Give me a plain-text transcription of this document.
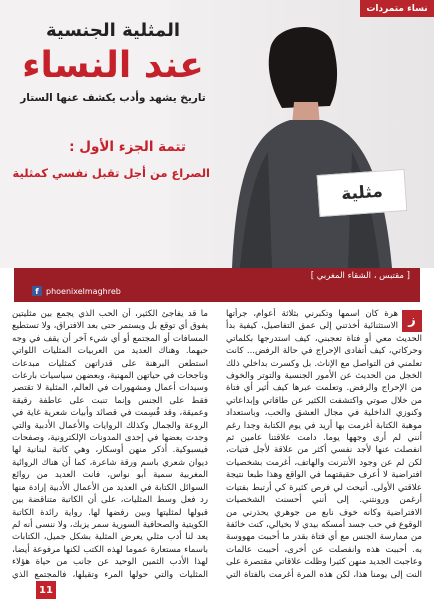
مثلية
نساء متمردات

المثلية الجنسية

عند النساء

تاريخ يشهد وأدب يكشف عنها الستار

تتمة الجزء الأول :

الصراع من أجل تقبل نفسي كمثلية

[ مقتبس ، الشقاء المغربي ]
f phoenixelmaghreb
ز
هرة كان اسمها وتكبرني بثلاثة أعوام، جرأتها الاستثنائية أخذتني إلى عمق التفاصيل، كيفية بدأ الحديث معي أو فتاة تعجبني، كيف استدرجها بكلماتي وحركاتي، كيف أتفادى الإحراج في حالة الرفض... كانت تعلمني فن التواصل مع الإناث. بل وكسرت بداخلي ذلك الخجل من الحديث عن الأمور الجنسية والتوتر والخوف من الإحراج والرفض. وتعلمت عبرها كيف أثير أي فتاة من خلال صوتي واكتشفت الكثير عن طاقاتي وإبداعاتي وكنوزي الداخلية في مجال العشق والحب، وباستعداد موهبة الكتابة أغرمت بها أريد في يوم الكتابة وجدا رغم أنني لم أرى وجهها يوما. دامت علاقتنا عامين ثم انفصلت عنها لأجد نفسي أكثر من علاقة لأجل فتيات، لكن لم عن وجود الأنترنت والهاتف، أغرمت بشخصيات افتراضية لا أعرف حقيقتهما في الواقع وهذا طبعا نتيجة علاقتي الأولى. أتيحت لي فرص كثيرة كي أرتبط بفتيات أرغمن ورونتني. إلى أنني أحسنت الشخصيات الافتراضية وكانه خوف نابع من جوهري يحذرني من الوقوع في حب جسد أمسكه بيدي لا بخيالي، كنت خائفة من ممارسة الجنس مع أي فتاة بقدر ما أحببت مهووسة به. أحببت هذه وانفصلت عن أخرى، أحببت عالمات وعاجبت الجديد منهن كثيرا وظلت علاقاتي مقتصرة على النت إلى يومنا هذا، لكن هذه المرة أغرمت بالفتاة التي
ما قد يفاجئ الكثير، أن الحب الذي يجمع بين مثليتين يفوق أي توقع بل ويستمر حتى بعد الافتراق، ولا تستطيع المسافات أو المجتمع أو أي شيء آخر أن يقف في وجه حبهما. وهناك العديد من العربيات المثليات اللواتي استطعن البرهنة على قدراتهن كمثليات مبدعات وناجحات في حياتهن المهنية، وبعضهن سياسيات بارعات وسيدات أعمال ومشهورات في العالم، المثلية لا تقتصر فقط على الجنس وإنما تنبت على عاطفة رقيقة وعميقة، وقد قُسِمت في قصائد وأبيات شعرية غاية في الروعة والجمال وكذلك الروايات والأعمال الأدبية والتي وجدت بعضها في إحدى المدونات الإلكترونية، وصفحات فيسبوكية. أذكر منهن أوسكار، وهي كاتبة لبنانية لها ديوان شعري باسم ورقة شاعرة، كما أن هناك الروائية المغربية سمية أبو نواس، فانت العديد من روائع السوائل الكتابة في العديد من الأعمال الأدبية إرادة منها رد فعل وسط المثليات، على أن الكاتبة متناقضة بين قبولها لمثليتها وبين رفضها لها. رواية رائدة الكاتبة الكويتية والصحافية السورية سمر يزبك، ولا ننسى أنه لم يعد لنا أدب مثلي يعرض المثلية بشكل جميل، الكتابات باسماء مستعارة عموما لهذه الكتب لكنها مرفوعة أيضا، لهذا الأدب الثمين الوحيد عن جانب من حياة هؤلاء المثليات والتي حولها المرء وتقبلها، فالمجتمع الذي
11
